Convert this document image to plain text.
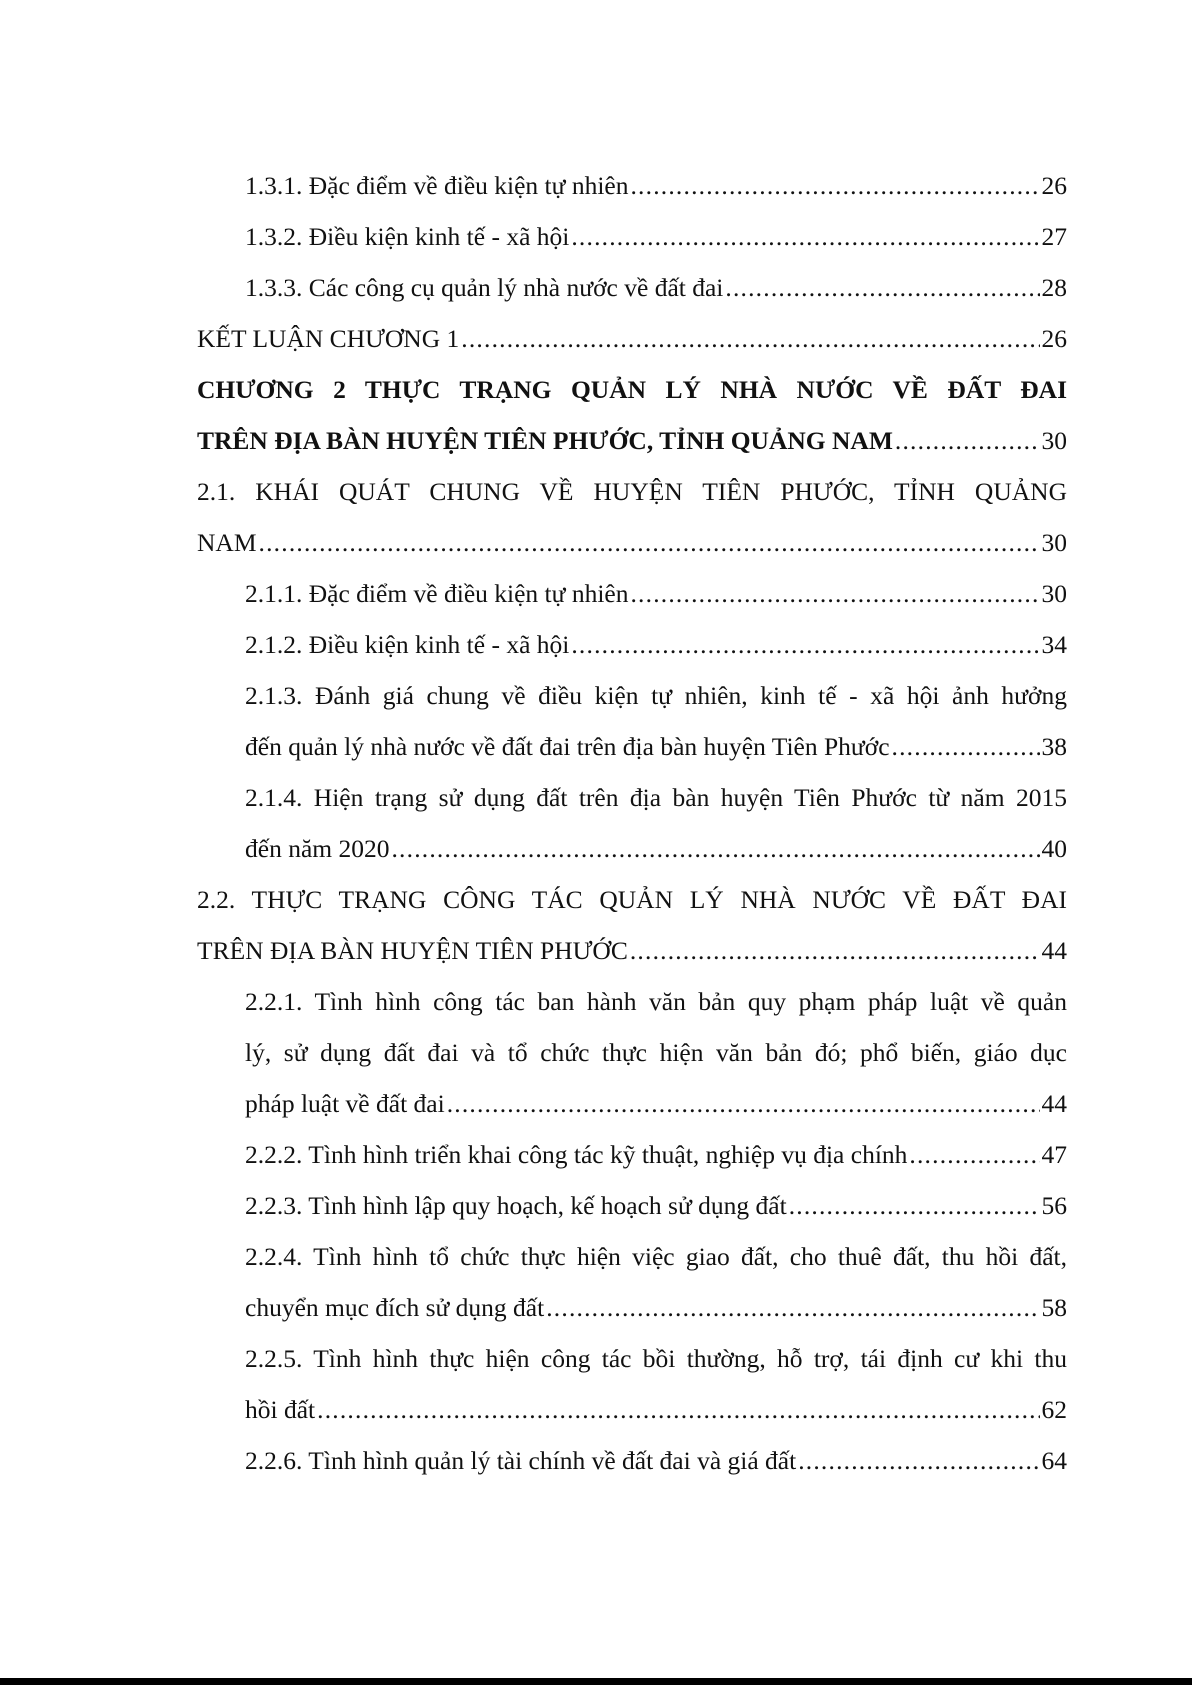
1.3.1. Đặc điểm về điều kiện tự nhiên .....	26
1.3.2. Điều kiện kinh tế - xã hội .....	27
1.3.3. Các công cụ quản lý nhà nước về đất đai .....	28
KẾT LUẬN CHƯƠNG 1 .....	26
CHƯƠNG 2 THỰC TRẠNG QUẢN LÝ NHÀ NƯỚC VỀ ĐẤT ĐAI
TRÊN ĐỊA BÀN HUYỆN TIÊN PHƯỚC, TỈNH QUẢNG NAM .....	30
2.1. KHÁI QUÁT CHUNG VỀ HUYỆN TIÊN PHƯỚC, TỈNH QUẢNG
NAM .....	30
2.1.1. Đặc điểm về điều kiện tự nhiên .....	30
2.1.2. Điều kiện kinh tế - xã hội .....	34
2.1.3. Đánh giá chung về điều kiện tự nhiên, kinh tế - xã hội ảnh hưởng
đến quản lý nhà nước về đất đai trên địa bàn huyện Tiên Phước .....	38
2.1.4. Hiện trạng sử dụng đất trên địa bàn huyện Tiên Phước từ năm 2015
đến năm 2020 .....	40
2.2. THỰC TRẠNG CÔNG TÁC QUẢN LÝ NHÀ NƯỚC VỀ ĐẤT ĐAI
TRÊN ĐỊA BÀN HUYỆN TIÊN PHƯỚC .....	44
2.2.1. Tình hình công tác ban hành văn bản quy phạm pháp luật về quản
lý, sử dụng đất đai và tổ chức thực hiện văn bản đó; phổ biến, giáo dục
pháp luật về đất đai .....	44
2.2.2. Tình hình triển khai công tác kỹ thuật, nghiệp vụ địa chính .....	47
2.2.3. Tình hình lập quy hoạch, kế hoạch sử dụng đất .....	56
2.2.4. Tình hình tổ chức thực hiện việc giao đất, cho thuê đất, thu hồi đất,
chuyển mục đích sử dụng đất .....	58
2.2.5. Tình hình thực hiện công tác bồi thường, hỗ trợ, tái định cư khi thu
hồi đất .....	62
2.2.6. Tình hình quản lý tài chính về đất đai và giá đất .....	64
